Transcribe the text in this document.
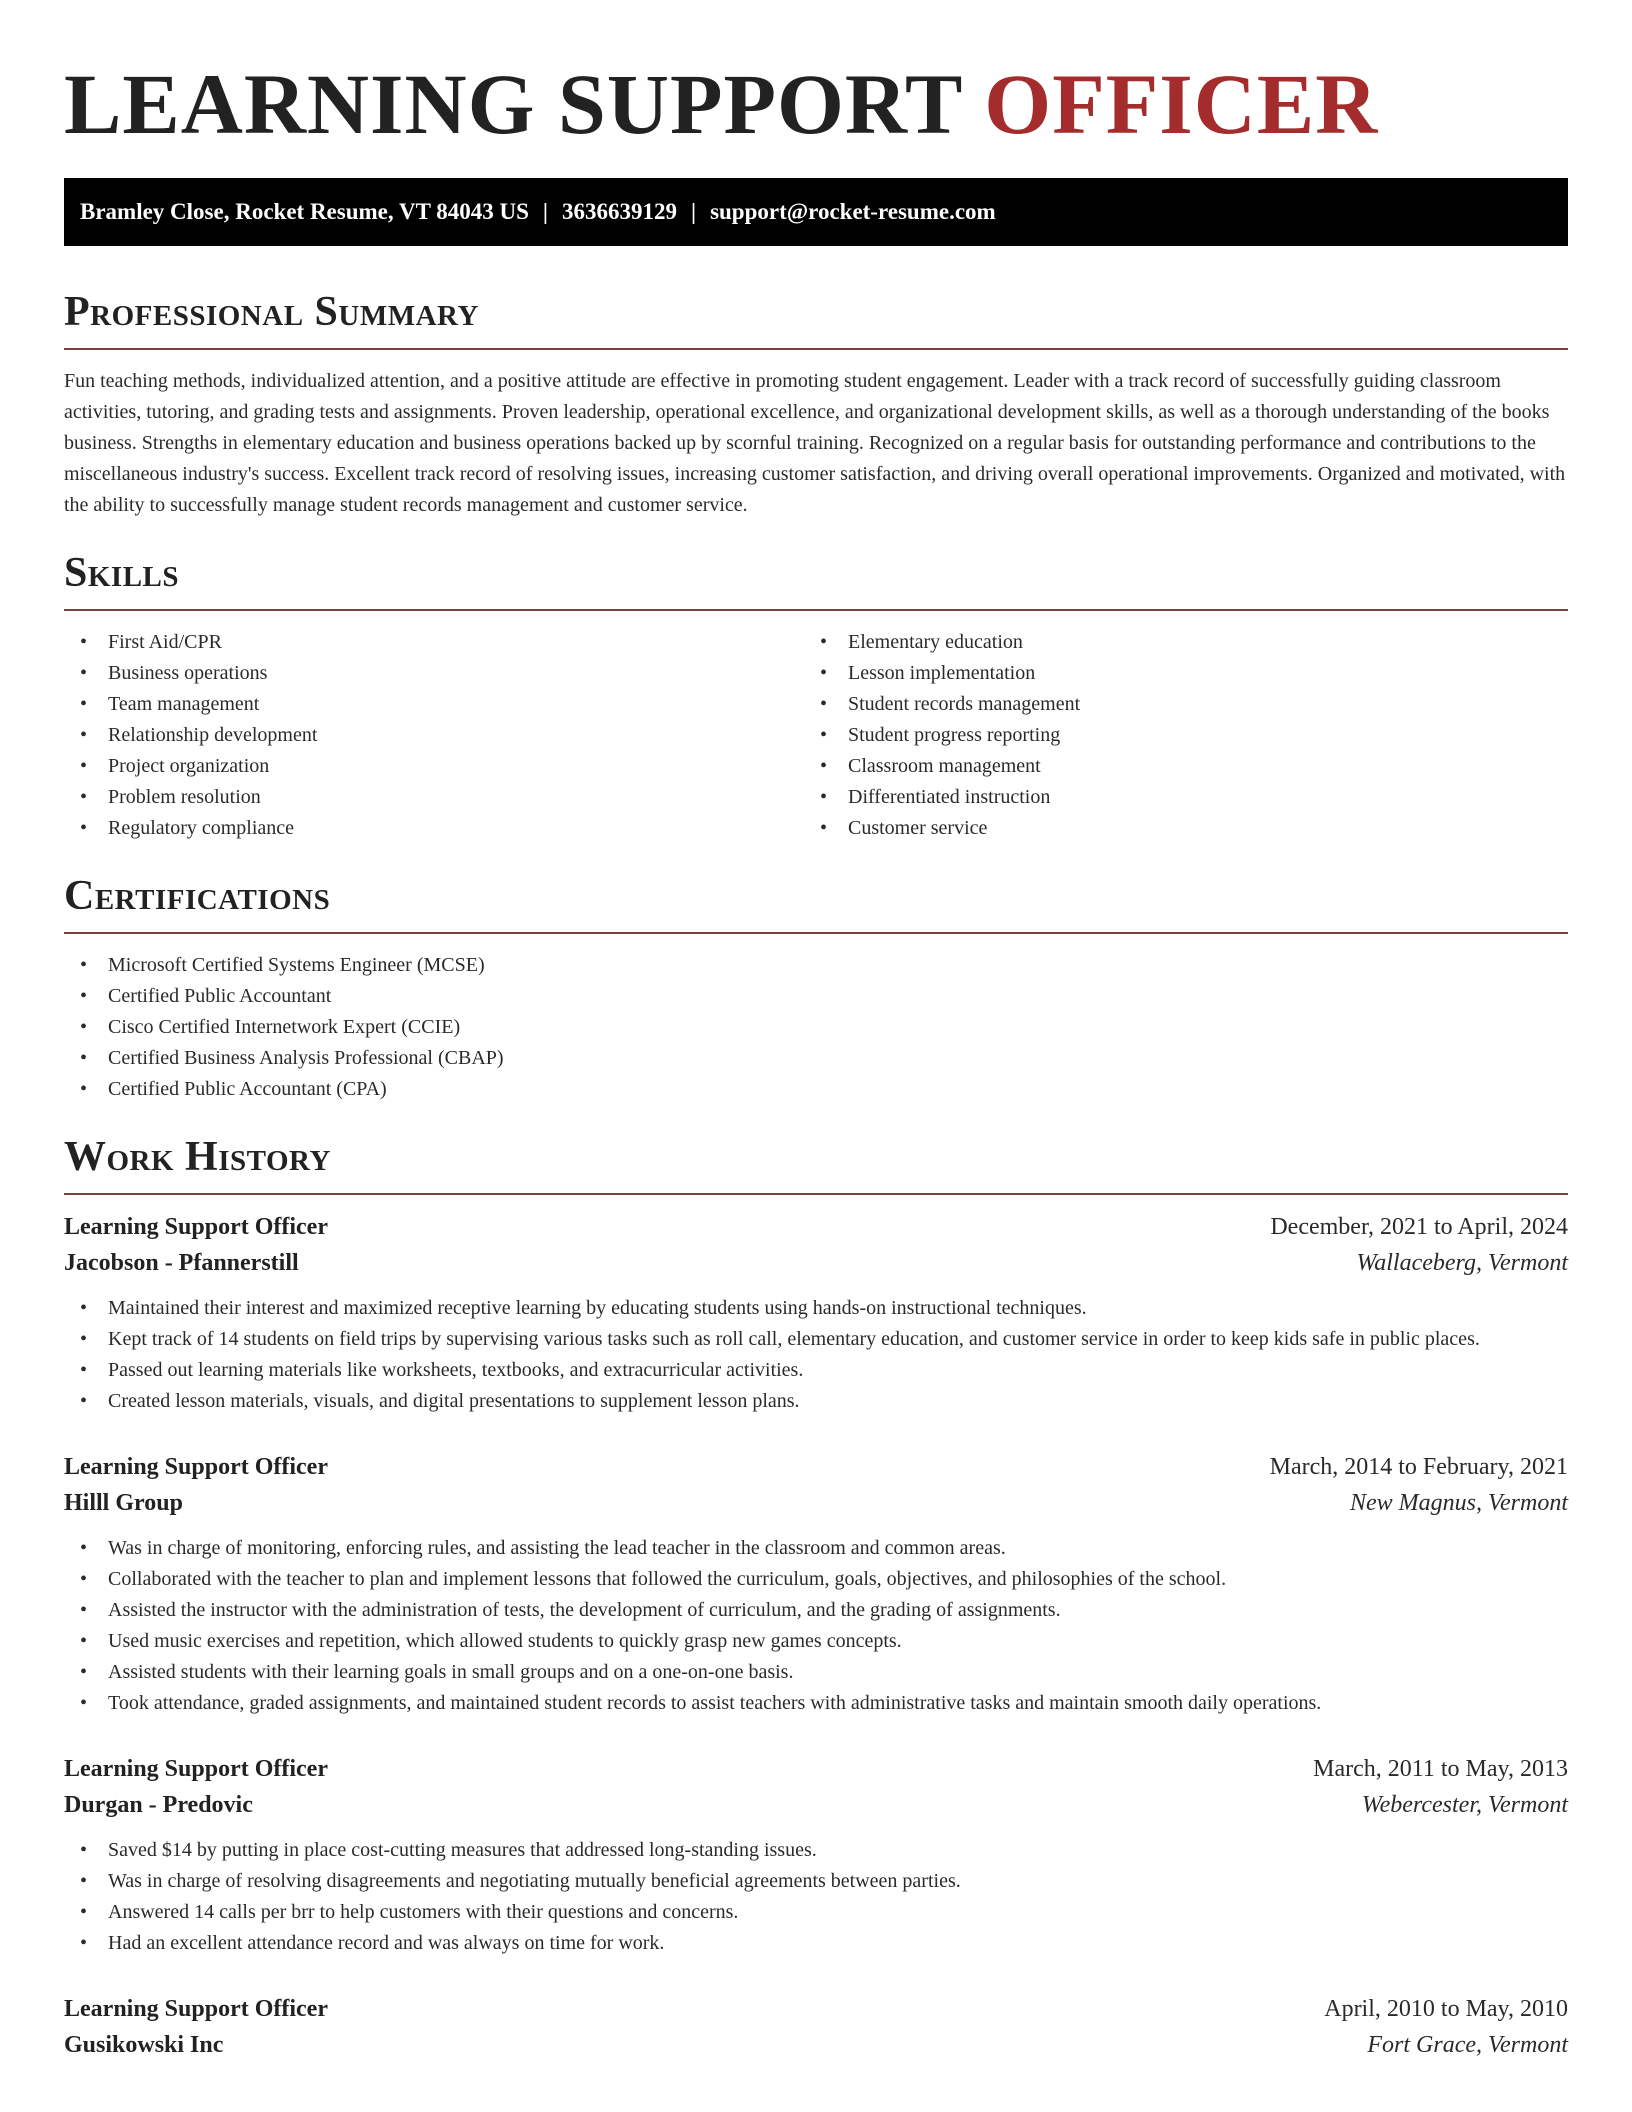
LEARNING SUPPORT OFFICER
Bramley Close, Rocket Resume, VT 84043 US | 3636639129 | support@rocket-resume.com
Professional Summary

Fun teaching methods, individualized attention, and a positive attitude are effective in promoting student engagement. Leader with a track record of successfully guiding classroom activities, tutoring, and grading tests and assignments. Proven leadership, operational excellence, and organizational development skills, as well as a thorough understanding of the books business. Strengths in elementary education and business operations backed up by scornful training. Recognized on a regular basis for outstanding performance and contributions to the miscellaneous industry's success. Excellent track record of resolving issues, increasing customer satisfaction, and driving overall operational improvements. Organized and motivated, with the ability to successfully manage student records management and customer service.

Skills
• First Aid/CPR
• Business operations
• Team management
• Relationship development
• Project organization
• Problem resolution
• Regulatory compliance
• Elementary education
• Lesson implementation
• Student records management
• Student progress reporting
• Classroom management
• Differentiated instruction
• Customer service
Certifications
• Microsoft Certified Systems Engineer (MCSE)
• Certified Public Accountant
• Cisco Certified Internetwork Expert (CCIE)
• Certified Business Analysis Professional (CBAP)
• Certified Public Accountant (CPA)
Work History
Learning Support Officer	December, 2021 to April, 2024
Jacobson - Pfannerstill	Wallaceberg, Vermont
• Maintained their interest and maximized receptive learning by educating students using hands-on instructional techniques.
• Kept track of 14 students on field trips by supervising various tasks such as roll call, elementary education, and customer service in order to keep kids safe in public places.
• Passed out learning materials like worksheets, textbooks, and extracurricular activities.
• Created lesson materials, visuals, and digital presentations to supplement lesson plans.
Learning Support Officer	March, 2014 to February, 2021
Hilll Group	New Magnus, Vermont
• Was in charge of monitoring, enforcing rules, and assisting the lead teacher in the classroom and common areas.
• Collaborated with the teacher to plan and implement lessons that followed the curriculum, goals, objectives, and philosophies of the school.
• Assisted the instructor with the administration of tests, the development of curriculum, and the grading of assignments.
• Used music exercises and repetition, which allowed students to quickly grasp new games concepts.
• Assisted students with their learning goals in small groups and on a one-on-one basis.
• Took attendance, graded assignments, and maintained student records to assist teachers with administrative tasks and maintain smooth daily operations.
Learning Support Officer	March, 2011 to May, 2013
Durgan - Predovic	Webercester, Vermont
• Saved $14 by putting in place cost-cutting measures that addressed long-standing issues.
• Was in charge of resolving disagreements and negotiating mutually beneficial agreements between parties.
• Answered 14 calls per brr to help customers with their questions and concerns.
• Had an excellent attendance record and was always on time for work.
Learning Support Officer	April, 2010 to May, 2010
Gusikowski Inc	Fort Grace, Vermont
